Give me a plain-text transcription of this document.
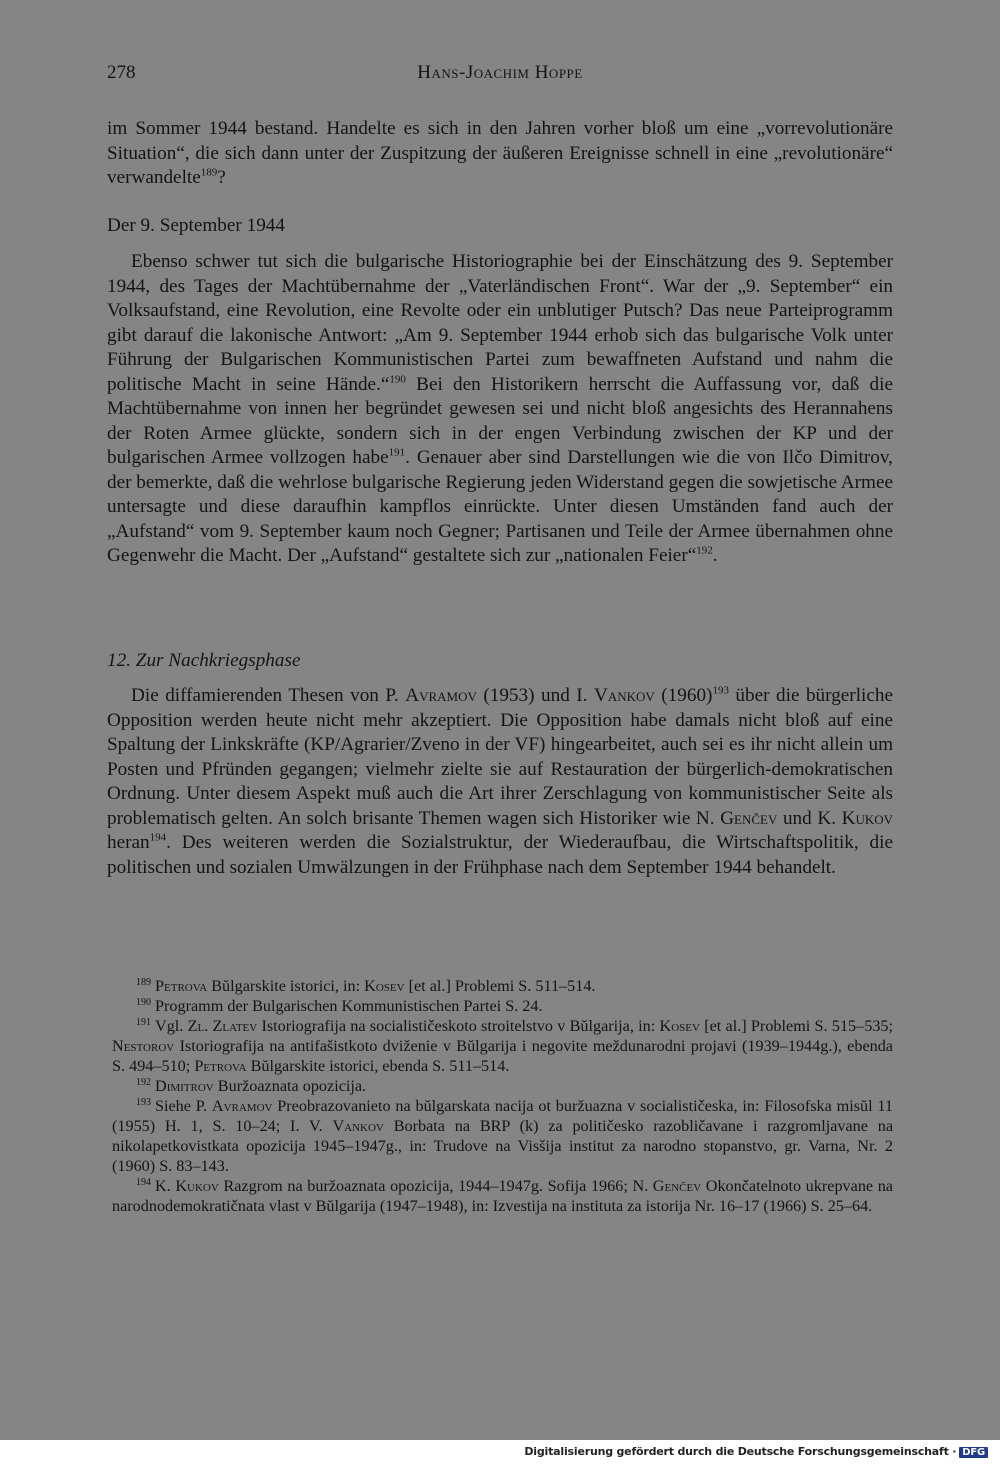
278	Hans-Joachim Hoppe

im Sommer 1944 bestand. Handelte es sich in den Jahren vorher bloß um eine „vorrevolutionäre Situation“, die sich dann unter der Zuspitzung der äußeren Ereignisse schnell in eine „revolutionäre“ verwandelte$^{189}$?

Der 9. September 1944

Ebenso schwer tut sich die bulgarische Historiographie bei der Einschätzung des 9. September 1944, des Tages der Machtübernahme der „Vaterländischen Front“. War der „9. September“ ein Volksaufstand, eine Revolution, eine Revolte oder ein unblutiger Putsch? Das neue Parteiprogramm gibt darauf die lakonische Antwort: „Am 9. September 1944 erhob sich das bulgarische Volk unter Führung der Bulgarischen Kommunistischen Partei zum bewaffneten Aufstand und nahm die politische Macht in seine Hände.“$^{190}$ Bei den Historikern herrscht die Auffassung vor, daß die Machtübernahme von innen her begründet gewesen sei und nicht bloß angesichts des Herannahens der Roten Armee glückte, sondern sich in der engen Verbindung zwischen der KP und der bulgarischen Armee vollzogen habe$^{191}$. Genauer aber sind Darstellungen wie die von Ilčo Dimitrov, der bemerkte, daß die wehrlose bulgarische Regierung jeden Widerstand gegen die sowjetische Armee untersagte und diese daraufhin kampflos einrückte. Unter diesen Umständen fand auch der „Aufstand“ vom 9. September kaum noch Gegner; Partisanen und Teile der Armee übernahmen ohne Gegenwehr die Macht. Der „Aufstand“ gestaltete sich zur „nationalen Feier“$^{192}$.

12. Zur Nachkriegsphase

Die diffamierenden Thesen von P. Avramov (1953) und I. Vankov $(1960)^{193}$ über die bürgerliche Opposition werden heute nicht mehr akzeptiert. Die Opposition habe damals nicht bloß auf eine Spaltung der Linkskräfte (KP/Agrarier/Zveno in der VF) hingearbeitet, auch sei es ihr nicht allein um Posten und Pfründen gegangen; vielmehr zielte sie auf Restauration der bürgerlich-demokratischen Ordnung. Unter diesem Aspekt muß auch die Art ihrer Zerschlagung von kommunistischer Seite als problematisch gelten. An solch brisante Themen wagen sich Historiker wie N. Genčev und K. Kukov heran$^{194}$. Des weiteren werden die Sozialstruktur, der Wiederaufbau, die Wirtschaftspolitik, die politischen und sozialen Umwälzungen in der Frühphase nach dem September 1944 behandelt.

$^{189}$ Petrova Bŭlgarskite istorici, in: Kosev [et al.] Problemi S. 511–514.

$^{190}$ Programm der Bulgarischen Kommunistischen Partei S. 24.

$^{191}$ Vgl. Zl. Zlatev Istoriografija na socialističeskoto stroitelstvo v Bŭlgarija, in: Kosev [et al.] Problemi S. 515–535; Nestorov Istoriografija na antifašistkoto dviženie v Bŭlgarija i negovite meždunarodni projavi (1939–1944g.), ebenda S. 494–510; Petrova Bŭlgarskite istorici, ebenda S. 511–514.

$^{192}$ Dimitrov Buržoaznata opozicija.

$^{193}$ Siehe P. Avramov Preobrazovanieto na bŭlgarskata nacija ot buržuazna v socialističeska, in: Filosofska misŭl 11 (1955) H. 1, S. 10–24; I. V. Vankov Borbata na BRP (k) za političesko razobličavane i razgromljavane na nikolapetkovistkata opozicija 1945–1947g., in: Trudove na Visšija institut za narodno stopanstvo, gr. Varna, Nr. 2 (1960) S. 83–143.

$^{194}$ K. Kukov Razgrom na buržoaznata opozicija, 1944–1947g. Sofija 1966; N. Genčev Okončatelnoto ukrepvane na narodnodemokratičnata vlast v Bŭlgarija (1947–1948), in: Izvestija na instituta za istorija Nr. 16–17 (1966) S. 25–64.

Digitalisierung gefördert durch die Deutsche Forschungsgemeinschaft · DFG
